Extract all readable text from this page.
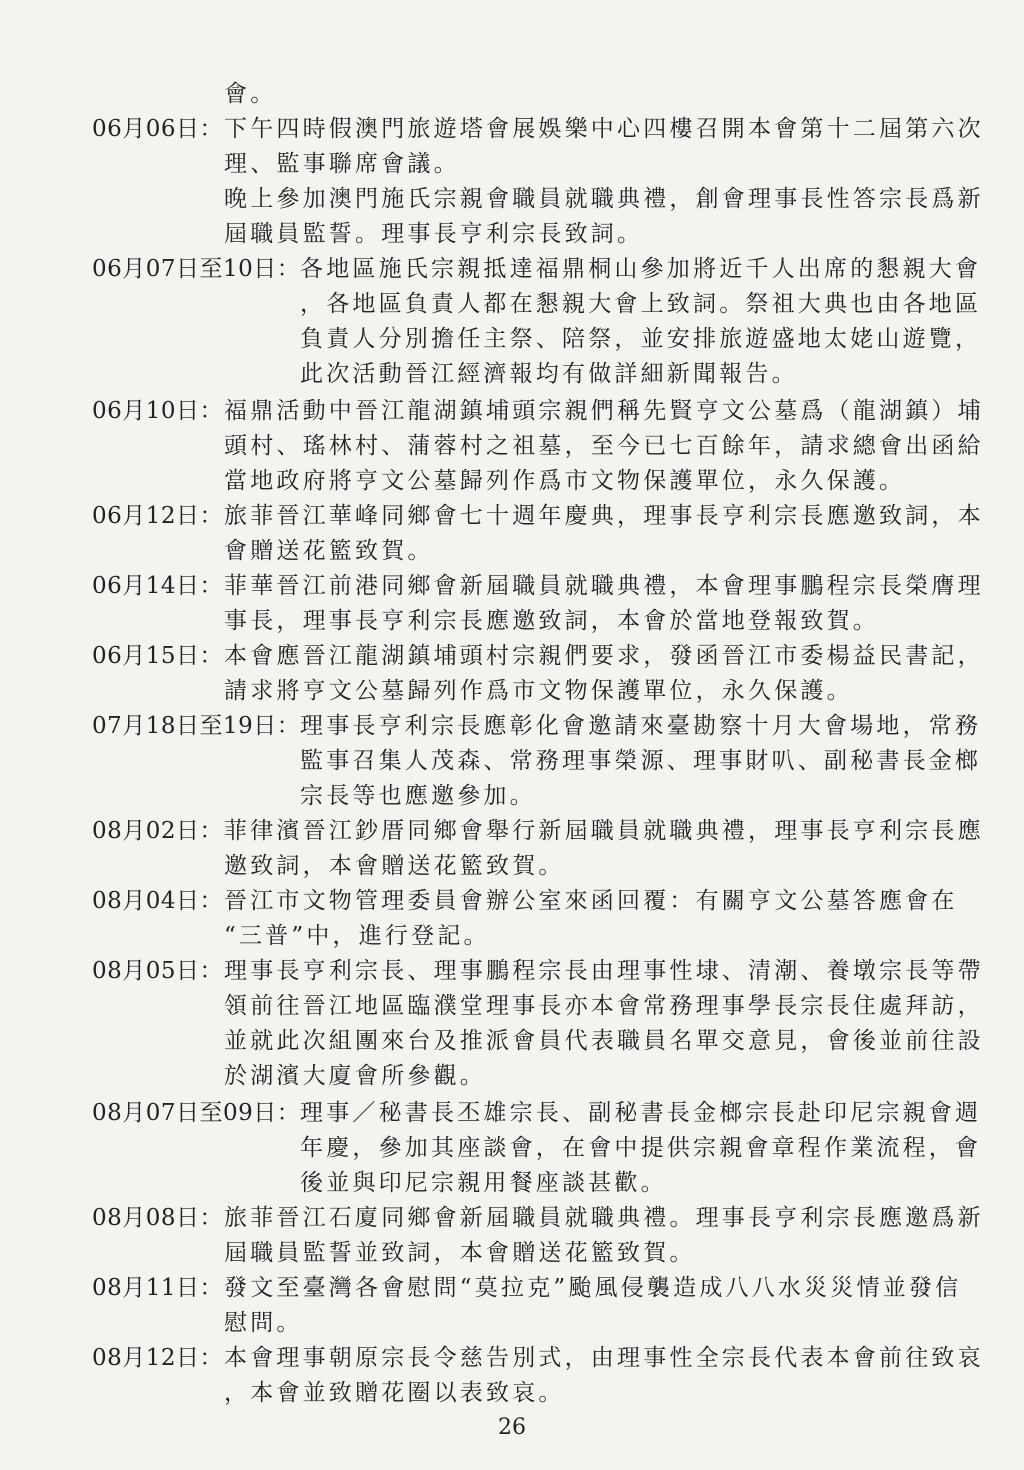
會。
06月06日： 下午四時假澳門旅遊塔會展娛樂中心四樓召開本會第十二屆第六次
理、監事聯席會議。
晚上參加澳門施氏宗親會職員就職典禮，創會理事長性答宗長爲新
屆職員監誓。理事長亨利宗長致詞。
06月07日至10日： 各地區施氏宗親抵達福鼎桐山參加將近千人出席的懇親大會
，各地區負責人都在懇親大會上致詞。祭祖大典也由各地區
負責人分別擔任主祭、陪祭，並安排旅遊盛地太姥山遊覽，
此次活動晉江經濟報均有做詳細新聞報告。
06月10日： 福鼎活動中晉江龍湖鎮埔頭宗親們稱先賢亨文公墓爲（龍湖鎮）埔
頭村、瑤林村、蒲蓉村之祖墓，至今已七百餘年，請求總會出函給
當地政府將亨文公墓歸列作爲市文物保護單位，永久保護。
06月12日： 旅菲晉江華峰同鄉會七十週年慶典，理事長亨利宗長應邀致詞，本
會贈送花籃致賀。
06月14日： 菲華晉江前港同鄉會新屆職員就職典禮，本會理事鵬程宗長榮膺理
事長，理事長亨利宗長應邀致詞，本會於當地登報致賀。
06月15日： 本會應晉江龍湖鎮埔頭村宗親們要求，發函晉江市委楊益民書記，
請求將亨文公墓歸列作爲市文物保護單位，永久保護。
07月18日至19日： 理事長亨利宗長應彰化會邀請來臺勘察十月大會場地，常務
監事召集人茂森、常務理事榮源、理事財叭、副秘書長金榔
宗長等也應邀參加。
08月02日： 菲律濱晉江鈔厝同鄉會舉行新屆職員就職典禮，理事長亨利宗長應
邀致詞，本會贈送花籃致賀。
08月04日： 晉江市文物管理委員會辦公室來函回覆：有關亨文公墓答應會在
“三普”中，進行登記。
08月05日： 理事長亨利宗長、理事鵬程宗長由理事性埭、清潮、養墩宗長等帶
領前往晉江地區臨濮堂理事長亦本會常務理事學長宗長住處拜訪，
並就此次組團來台及推派會員代表職員名單交意見，會後並前往設
於湖濱大廈會所參觀。
08月07日至09日： 理事／秘書長丕雄宗長、副秘書長金榔宗長赴印尼宗親會週
年慶，參加其座談會，在會中提供宗親會章程作業流程，會
後並與印尼宗親用餐座談甚歡。
08月08日： 旅菲晉江石廈同鄉會新屆職員就職典禮。理事長亨利宗長應邀爲新
屆職員監誓並致詞，本會贈送花籃致賀。
08月11日： 發文至臺灣各會慰問“莫拉克”颱風侵襲造成八八水災災情並發信
慰問。
08月12日： 本會理事朝原宗長令慈告別式，由理事性全宗長代表本會前往致哀
，本會並致贈花圈以表致哀。
26
